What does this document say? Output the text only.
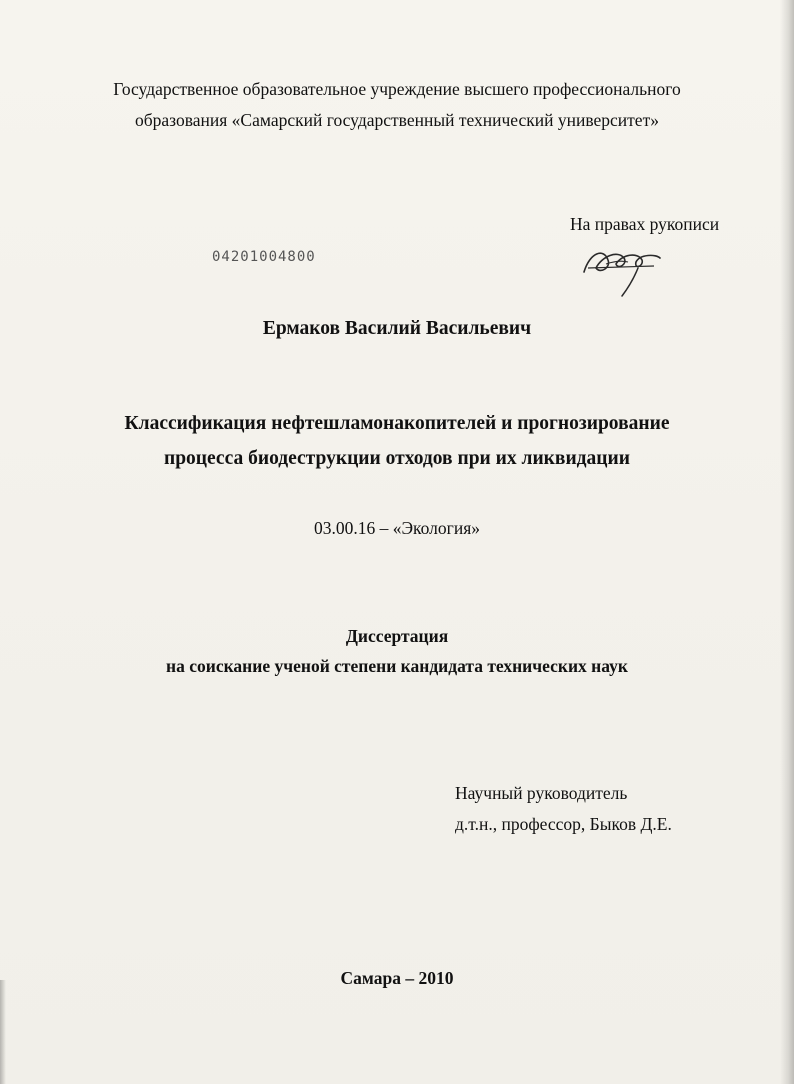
Государственное образовательное учреждение высшего профессионального
образования «Самарский государственный технический университет»
На правах рукописи
04201004800
Ермаков Василий Васильевич
Классификация нефтешламонакопителей и прогнозирование
процесса биодеструкции отходов при их ликвидации
03.00.16 – «Экология»
Диссертация
на соискание ученой степени кандидата технических наук
Научный руководитель
д.т.н., профессор, Быков Д.Е.
Самара – 2010
